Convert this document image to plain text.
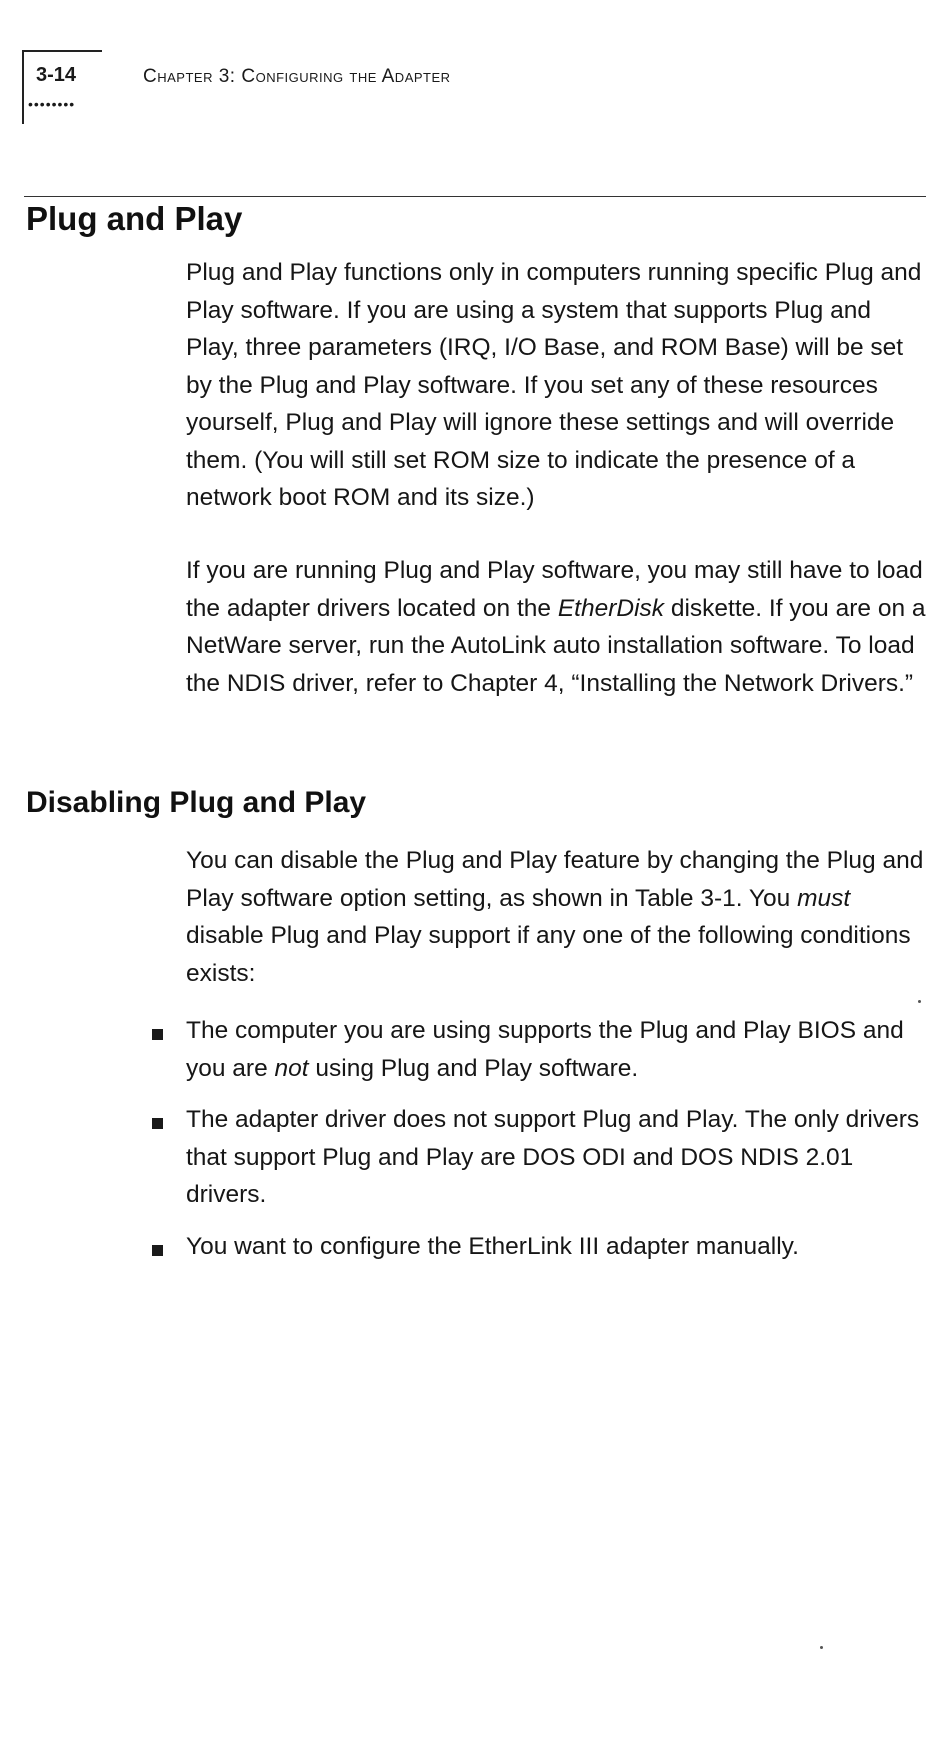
3-14
••••••••
Chapter 3: Configuring the Adapter
Plug and Play

Plug and Play functions only in computers running specific Plug and Play software. If you are using a system that supports Plug and Play, three parameters (IRQ, I/O Base, and ROM Base) will be set by the Plug and Play software. If you set any of these resources yourself, Plug and Play will ignore these settings and will override them. (You will still set ROM size to indicate the presence of a network boot ROM and its size.)

If you are running Plug and Play software, you may still have to load the adapter drivers located on the EtherDisk diskette. If you are on a NetWare server, run the AutoLink auto installation software. To load the NDIS driver, refer to Chapter 4, “Installing the Network Drivers.”

Disabling Plug and Play

You can disable the Plug and Play feature by changing the Plug and Play software option setting, as shown in Table 3-1. You must disable Plug and Play support if any one of the following conditions exists:

The computer you are using supports the Plug and Play BIOS and you are not using Plug and Play software.
The adapter driver does not support Plug and Play. The only drivers that support Plug and Play are DOS ODI and DOS NDIS 2.01 drivers.
You want to configure the EtherLink III adapter manually.
